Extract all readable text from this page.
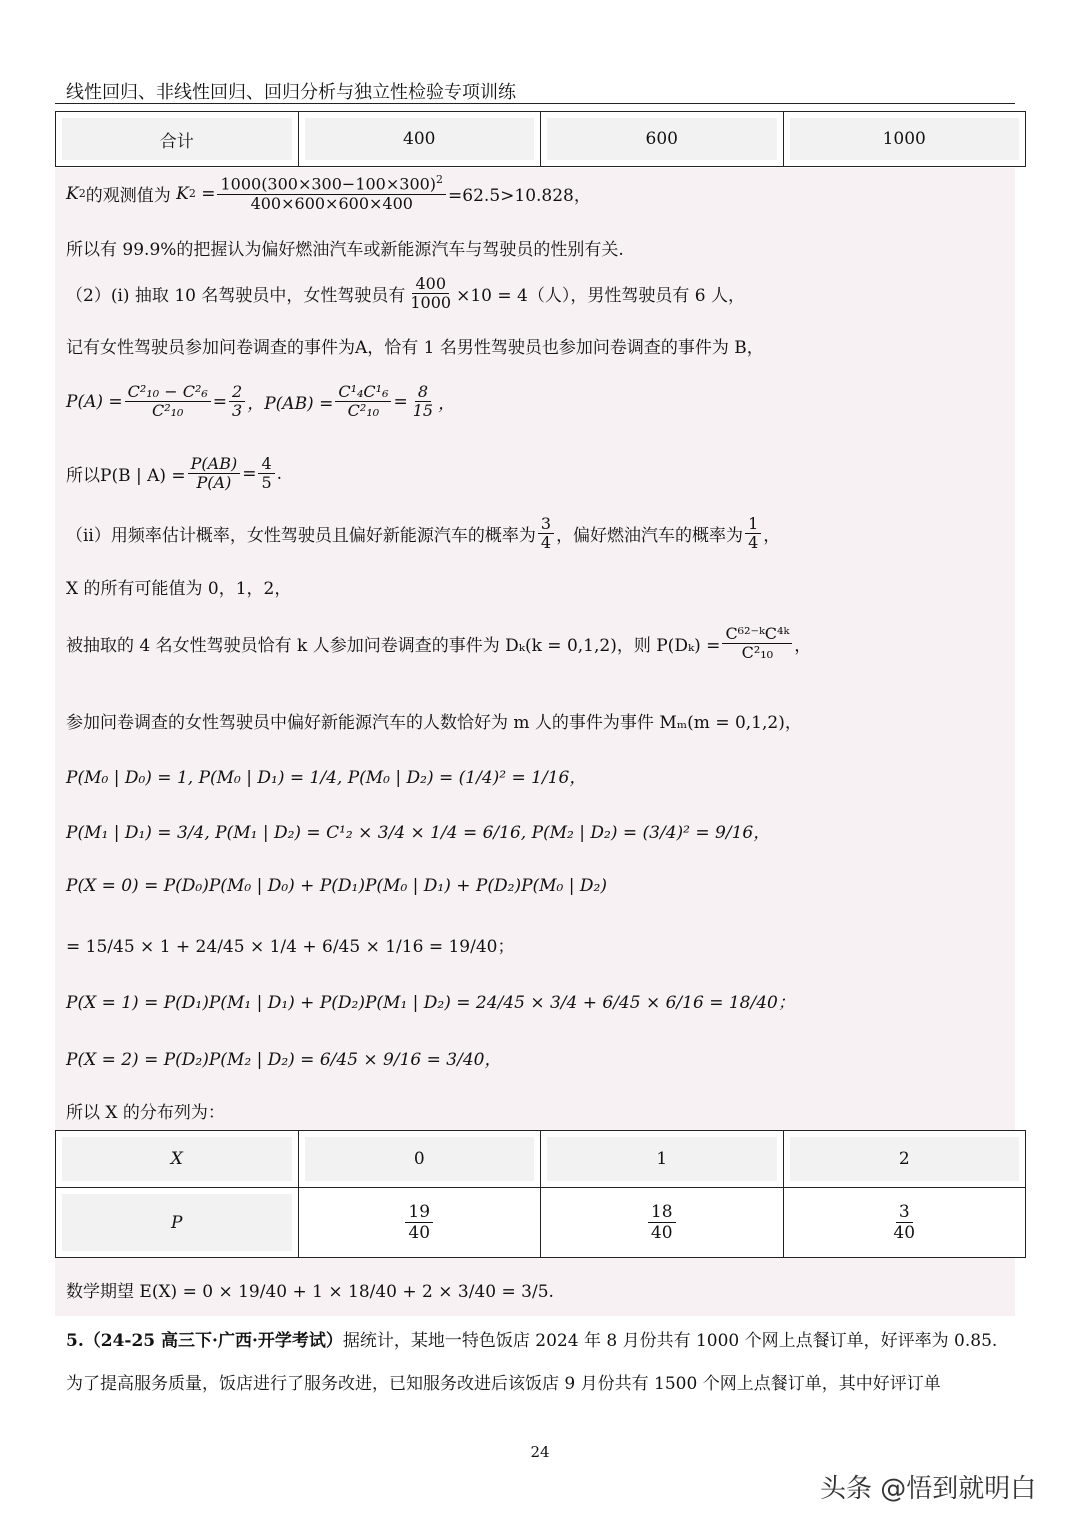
线性回归、非线性回归、回归分析与独立性检验专项训练
合计	400	600	1000
K 2 的观测值为 K $2 = \frac{1000(300\times 300-100\times 300)^2}{400\times 600\times 600\times 400} =62.5>10.828$，
所以有 99.9%的把握认为偏好燃油汽车或新能源汽车与驾驶员的性别有关.
（2）(i) 抽取 10 名驾驶员中，女性驾驶员有 $\frac{400}{1000} \times 10 = 4$（人），男性驾驶员有 6 人，
记有女性驾驶员参加问卷调查的事件为A，恰有 1 名男性驾驶员也参加问卷调查的事件为 B，
$P(A) = \frac{\text{C²₁₀ − C²₆}}{\text{C²₁₀}} = \frac{2}{3}$ ，$P(AB) = \frac{\text{C¹₄C¹₆}}{\text{C²₁₀}} = \frac{8}{15}$ ，
所以P(B | $A) = \frac{P(AB)}{P(A)} = \frac{4}{5}$ .
（ii）用频率估计概率，女性驾驶员且偏好新能源汽车的概率为 $\frac{3}{4}$ ，偏好燃油汽车的概率为 $\frac{1}{4}$ ，
X 的所有可能值为 0，1，2，
被抽取的 4 名女性驾驶员恰有 k 人参加问卷调查的事件为 Dₖ(k = 0,1,2)，则 $P(D_k) = \frac{\text{C⁶²⁻ᵏC⁴ᵏ}}{\text{C²₁₀}}$ ，
参加问卷调查的女性驾驶员中偏好新能源汽车的人数恰好为 m 人的事件为事件 Mₘ(m = 0,1,2)，
P(M₀ | D₀) = 1, P(M₀ | D₁) = 1/4, P(M₀ | D₂) = (1/4)² = 1/16，
P(M₁ | D₁) = 3/4, P(M₁ | D₂) = C¹₂ × 3/4 × 1/4 = 6/16, P(M₂ | D₂) = (3/4)² = 9/16，
P(X = 0) = P(D₀)P(M₀ | D₀) + P(D₁)P(M₀ | D₁) + P(D₂)P(M₀ | D₂)
= 15/45 × 1 + 24/45 × 1/4 + 6/45 × 1/16 = 19/40；
P(X = 1) = P(D₁)P(M₁ | D₁) + P(D₂)P(M₁ | D₂) = 24/45 × 3/4 + 6/45 × 6/16 = 18/40；
P(X = 2) = P(D₂)P(M₂ | D₂) = 6/45 × 9/16 = 3/40，
所以 X 的分布列为：
X	0	1	2

P	$\frac{19}{40}$	$\frac{18}{40}$	$\frac{3}{40}$
数学期望 E(X) = 0 × 19/40 + 1 × 18/40 + 2 × 3/40 = 3/5.
5.（24-25 高三下·广西·开学考试）据统计，某地一特色饭店 2024 年 8 月份共有 1000 个网上点餐订单，好评率为 0.85.
为了提高服务质量，饭店进行了服务改进，已知服务改进后该饭店 9 月份共有 1500 个网上点餐订单，其中好评订单
24
头条 @悟到就明白
